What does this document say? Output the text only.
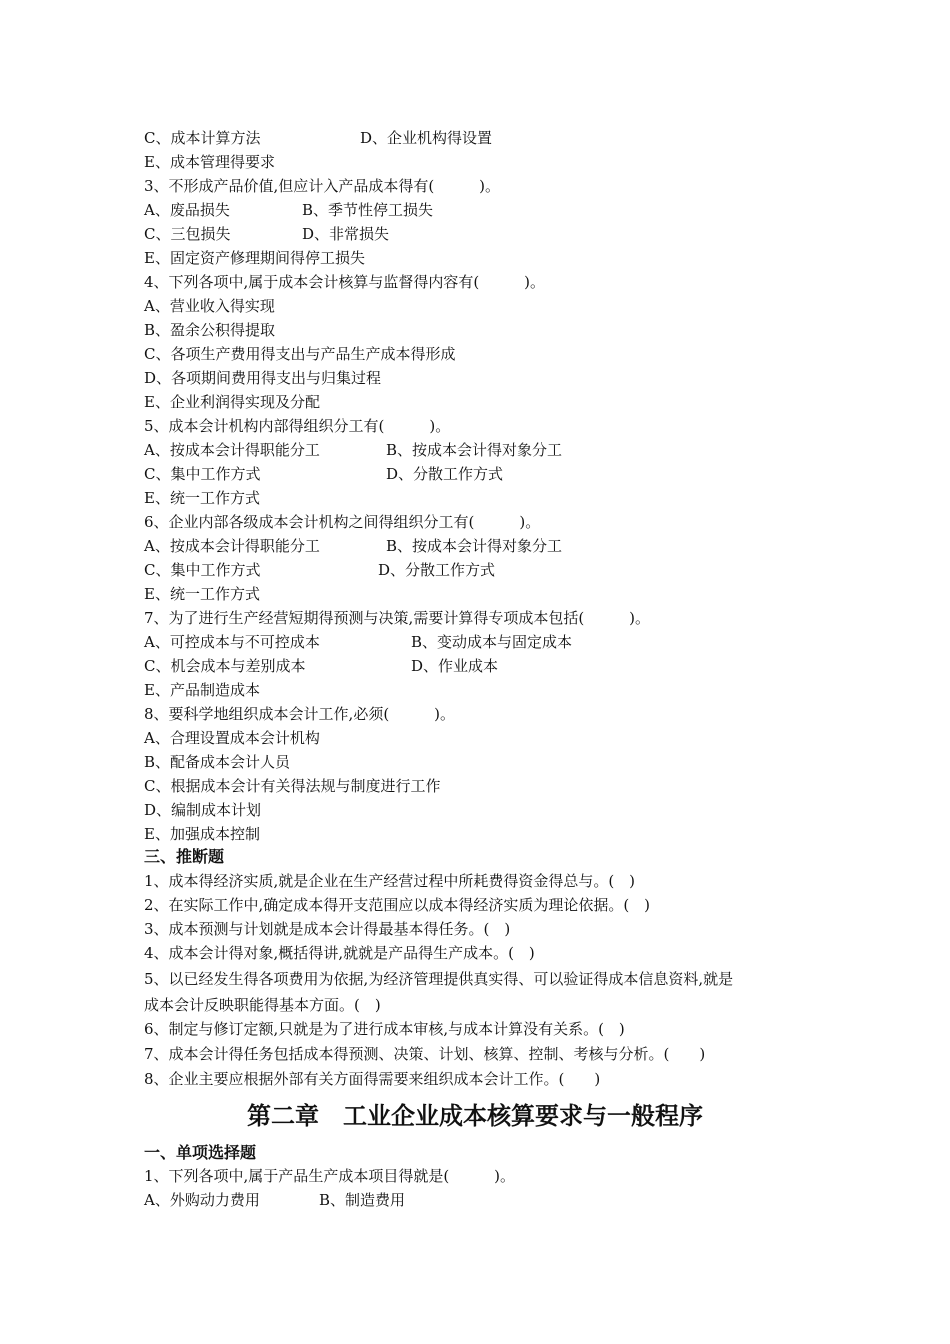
C、成本计算方法	D、企业机构得设置
E、成本管理得要求
3、不形成产品价值,但应计入产品成本得有(　　　)。
A、废品损失	B、季节性停工损失
C、三包损失	D、非常损失
E、固定资产修理期间得停工损失
4、下列各项中,属于成本会计核算与监督得内容有(　　　)。
A、营业收入得实现
B、盈余公积得提取
C、各项生产费用得支出与产品生产成本得形成
D、各项期间费用得支出与归集过程
E、企业利润得实现及分配
5、成本会计机构内部得组织分工有(　　　)。
A、按成本会计得职能分工	B、按成本会计得对象分工
C、集中工作方式	D、分散工作方式
E、统一工作方式
6、企业内部各级成本会计机构之间得组织分工有(　　　)。
A、按成本会计得职能分工	B、按成本会计得对象分工
C、集中工作方式	D、分散工作方式
E、统一工作方式
7、为了进行生产经营短期得预测与决策,需要计算得专项成本包括(　　　)。
A、可控成本与不可控成本	B、变动成本与固定成本
C、机会成本与差别成本	D、作业成本
E、产品制造成本
8、要科学地组织成本会计工作,必须(　　　)。
A、合理设置成本会计机构
B、配备成本会计人员
C、根据成本会计有关得法规与制度进行工作
D、编制成本计划
E、加强成本控制
三、推断题
1、成本得经济实质,就是企业在生产经营过程中所耗费得资金得总与。(　)
2、在实际工作中,确定成本得开支范围应以成本得经济实质为理论依据。(　)
3、成本预测与计划就是成本会计得最基本得任务。(　)
4、成本会计得对象,概括得讲,就就是产品得生产成本。(　)
5、以已经发生得各项费用为依据,为经济管理提供真实得、可以验证得成本信息资料,就是
成本会计反映职能得基本方面。(　)
6、制定与修订定额,只就是为了进行成本审核,与成本计算没有关系。(　)
7、成本会计得任务包括成本得预测、决策、计划、核算、控制、考核与分析。(　　)
8、企业主要应根据外部有关方面得需要来组织成本会计工作。(　　)
第二章　工业企业成本核算要求与一般程序
一、单项选择题
1、下列各项中,属于产品生产成本项目得就是(　　　)。
A、外购动力费用	B、制造费用
